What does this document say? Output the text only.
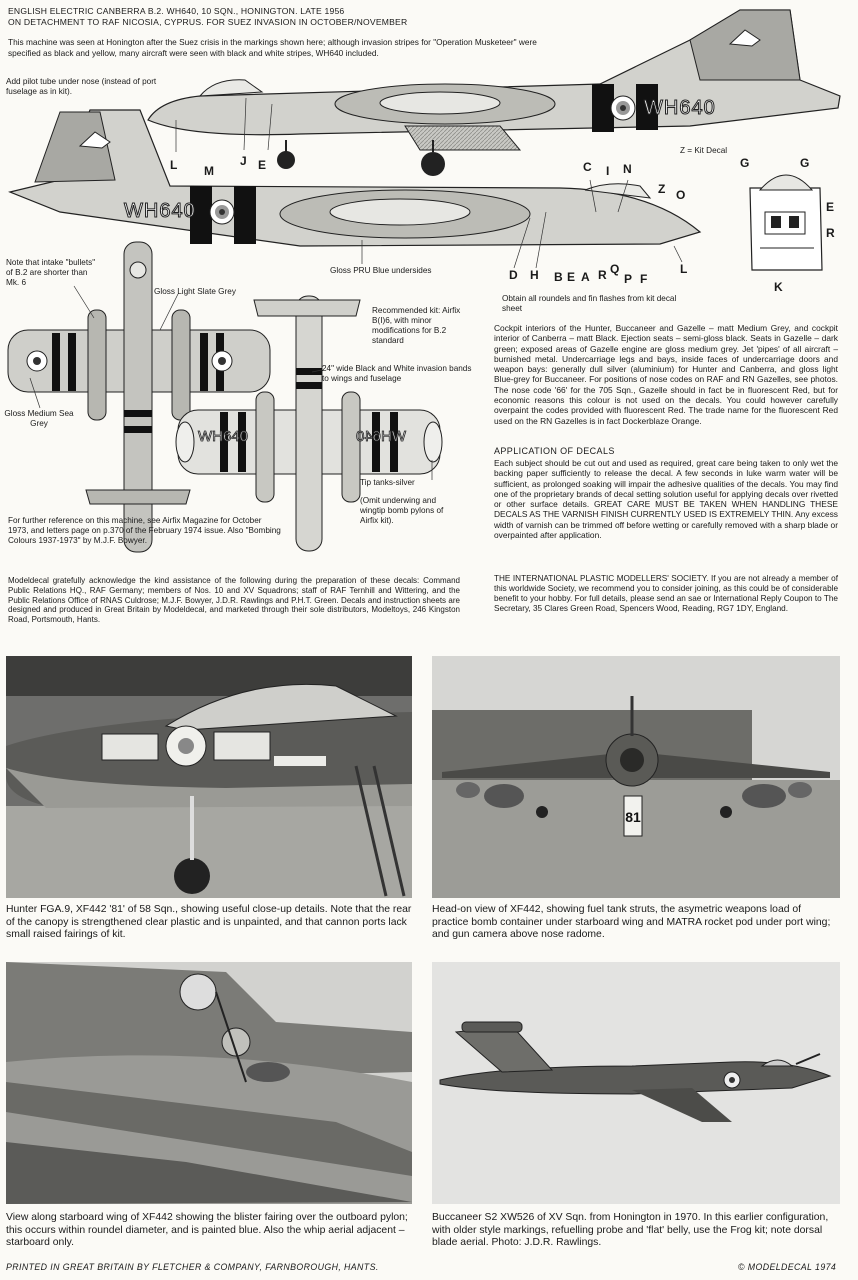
ENGLISH ELECTRIC CANBERRA B.2. WH640, 10 SQN., HONINGTON. LATE 1956
ON DETACHMENT TO RAF NICOSIA, CYPRUS. FOR SUEZ INVASION IN OCTOBER/NOVEMBER
This machine was seen at Honington after the Suez crisis in the markings shown here; although invasion stripes for "Operation Musketeer" were specified as black and yellow, many aircraft were seen with black and white stripes, WH640 included.
WH640
WH640
WH640	WH640
L M
J E
D H B E A R Q
P F
C I N
Z O
L
G	G
E
R
K
Add pilot tube under nose (instead of port fuselage as in kit).
Z = Kit Decal
Gloss PRU Blue undersides
Obtain all roundels and fin flashes from kit decal sheet
Note that intake "bullets" of B.2 are shorter than Mk. 6
Gloss Light Slate Grey
Gloss Medium Sea Grey
Recommended kit: Airfix B(I)6, with minor modifications for B.2 standard
24" wide Black and White invasion bands to wings and fuselage
Tip tanks-silver
(Omit underwing and wingtip bomb pylons of Airfix kit).
For further reference on this machine, see Airfix Magazine for October 1973, and letters page on p.370 of the February 1974 issue. Also "Bombing Colours 1937-1973" by M.J.F. Bowyer.
Cockpit interiors of the Hunter, Buccaneer and Gazelle – matt Medium Grey, and cockpit interior of Canberra – matt Black. Ejection seats – semi-gloss black. Seats in Gazelle – dark green; exposed areas of Gazelle engine are gloss medium grey. Jet 'pipes' of all aircraft – burnished metal. Undercarriage legs and bays, inside faces of undercarriage doors and weapon bays: generally dull silver (aluminium) for Hunter and Canberra, and gloss light Blue-grey for Buccaneer. For positions of nose codes on RAF and RN Gazelles, see photos. The nose code '66' for the 705 Sqn., Gazelle should in fact be in fluorescent Red, but for economic reasons this colour is not used on the decals. You could however carefully overpaint the codes provided with fluorescent Red. The trade name for the fluorescent Red used on the RN Gazelles is in fact Dockerblaze Orange.
APPLICATION OF DECALS
Each subject should be cut out and used as required, great care being taken to only wet the backing paper sufficiently to release the decal. A few seconds in luke warm water will be sufficient, as prolonged soaking will impair the adhesive qualities of the decals. You may find one of the proprietary brands of decal setting solution useful for applying decals over rivetted or other surface details. GREAT CARE MUST BE TAKEN WHEN HANDLING THESE DECALS AS THE VARNISH FINISH CURRENTLY USED IS EXTREMELY THIN. Any excess width of varnish can be trimmed off before wetting or carefully removed with a sharp blade or overpainted after application.
Modeldecal gratefully acknowledge the kind assistance of the following during the preparation of these decals: Command Public Relations HQ., RAF Germany; members of Nos. 10 and XV Squadrons; staff of RAF Ternhill and Wittering, and the Public Relations Office of RNAS Culdrose; M.J.F. Bowyer, J.D.R. Rawlings and P.H.T. Green. Decals and instruction sheets are designed and produced in Great Britain by Modeldecal, and marketed through their sole distributors, Modeltoys, 246 Kingston Road, Portsmouth, Hants.
THE INTERNATIONAL PLASTIC MODELLERS' SOCIETY. If you are not already a member of this worldwide Society, we recommend you to consider joining, as this could be of considerable benefit to your hobby. For full details, please send an sae or International Reply Coupon to The Secretary, 35 Clares Green Road, Spencers Wood, Reading, RG7 1DY, England.
81
Hunter FGA.9, XF442 '81' of 58 Sqn., showing useful close-up details. Note that the rear of the canopy is strengthened clear plastic and is unpainted, and that cannon ports lack small raised fairings of kit.
Head-on view of XF442, showing fuel tank struts, the asymetric weapons load of practice bomb container under starboard wing and MATRA rocket pod under port wing; and gun camera above nose radome.
View along starboard wing of XF442 showing the blister fairing over the outboard pylon; this occurs within roundel diameter, and is painted blue. Also the whip aerial adjacent – starboard only.
Buccaneer S2 XW526 of XV Sqn. from Honington in 1970. In this earlier configuration, with older style markings, refuelling probe and 'flat' belly, use the Frog kit; note dorsal blade aerial. Photo: J.D.R. Rawlings.
PRINTED IN GREAT BRITAIN BY FLETCHER & COMPANY, FARNBOROUGH, HANTS.	© MODELDECAL 1974
